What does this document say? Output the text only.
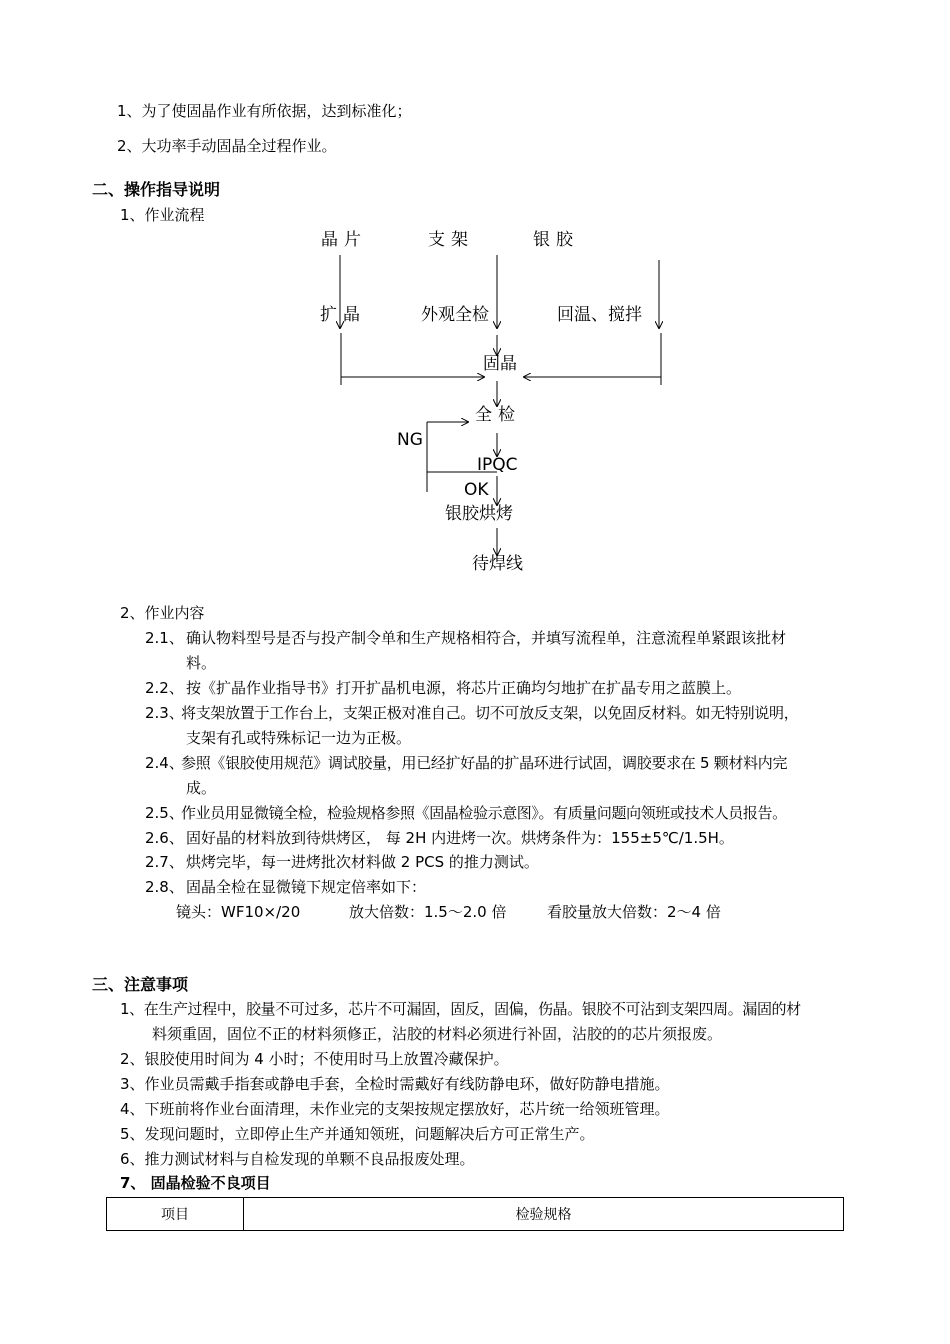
1、为了使固晶作业有所依据，达到标准化；
2、大功率手动固晶全过程作业。
二、操作指导说明
1、作业流程
晶片	支架	银胶
扩晶	外观全检	回温、搅拌
固晶
全检
NG
IPQC
OK
银胶烘烤
待焊线
2、作业内容
2.1、 确认物料型号是否与投产制令单和生产规格相符合，并填写流程单，注意流程单紧跟该批材
料。
2.2、 按《扩晶作业指导书》打开扩晶机电源，将芯片正确均匀地扩在扩晶专用之蓝膜上。
2.3、
将支架放置于工作台上，支架正极对准自己。切不可放反支架，以免固反材料。如无特别说明，
支架有孔或特殊标记一边为正极。
2.4、
参照《银胶使用规范》调试胶量，用已经扩好晶的扩晶环进行试固，调胶要求在 5 颗材料内完
成。
2.5、
作业员用显微镜全检，检验规格参照《固晶检验示意图》。有质量问题向领班或技术人员报告。
2.6、 固好晶的材料放到待烘烤区， 每 2H 内进烤一次。烘烤条件为：155±5℃/1.5H。
2.7、 烘烤完毕，每一进烤批次材料做 2 PCS 的推力测试。
2.8、 固晶全检在显微镜下规定倍率如下：
镜头：WF10×/20	放大倍数：1.5～2.0 倍	看胶量放大倍数：2～4 倍
三、注意事项
1、在生产过程中，胶量不可过多，芯片不可漏固，固反，固偏，伤晶。银胶不可沾到支架四周。漏固的材
料须重固，固位不正的材料须修正，沾胶的材料必须进行补固，沾胶的的芯片须报废。
2、银胶使用时间为 4 小时；不使用时马上放置冷藏保护。
3、作业员需戴手指套或静电手套，全检时需戴好有线防静电环，做好防静电措施。
4、下班前将作业台面清理，未作业完的支架按规定摆放好，芯片统一给领班管理。
5、发现问题时，立即停止生产并通知领班，问题解决后方可正常生产。
6、推力测试材料与自检发现的单颗不良品报废处理。
7、 固晶检验不良项目
项目	检验规格
